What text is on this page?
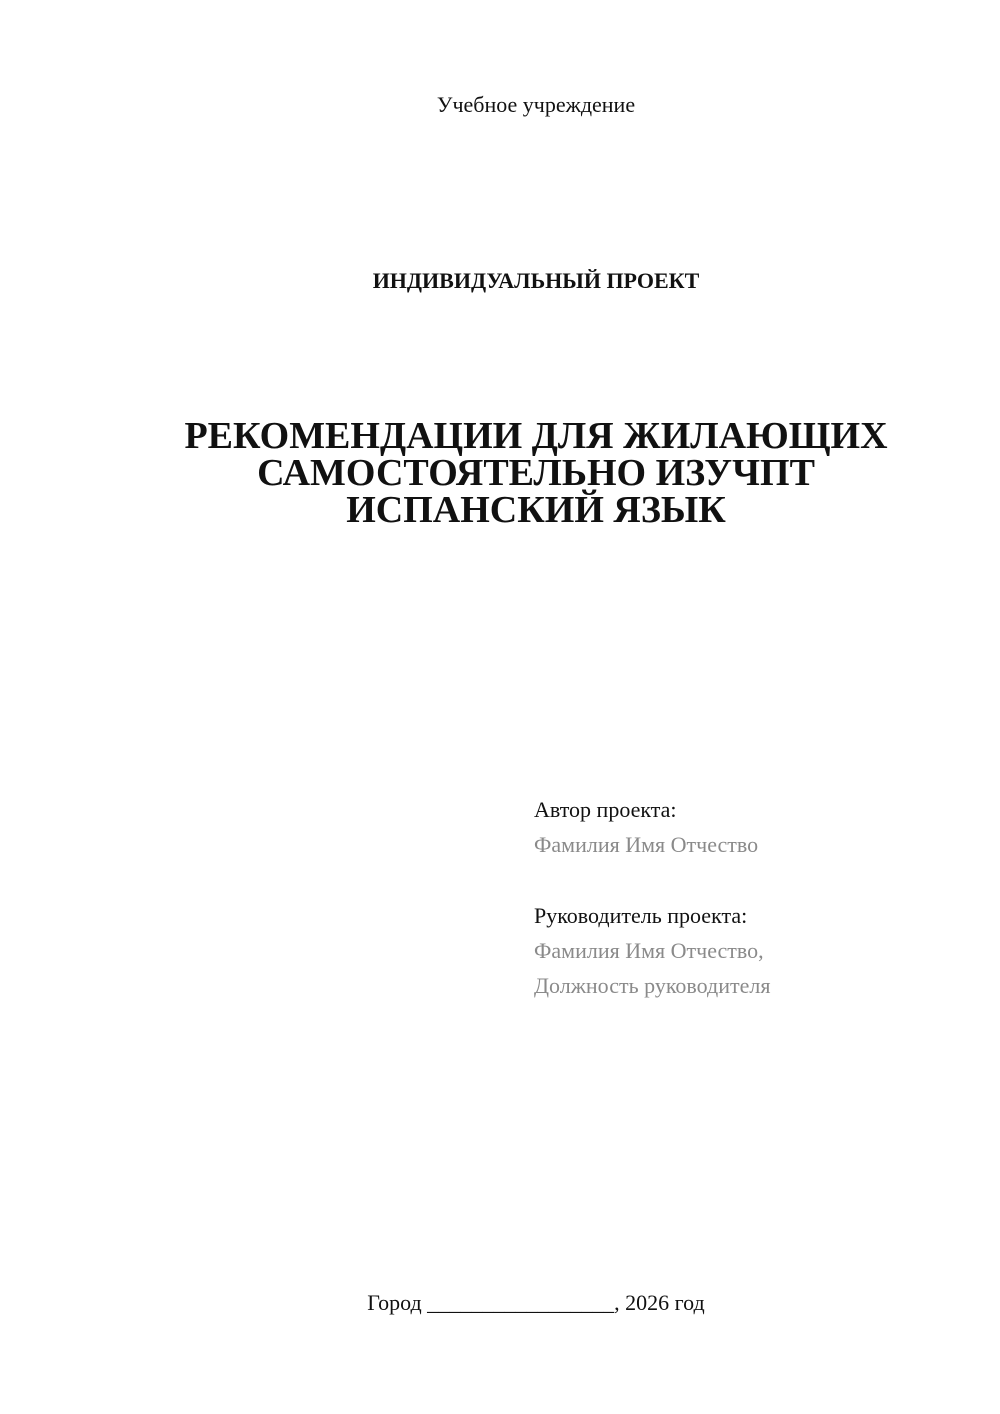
Учебное учреждение
ИНДИВИДУАЛЬНЫЙ ПРОЕКТ
РЕКОМЕНДАЦИИ ДЛЯ ЖИЛАЮЩИХ
САМОСТОЯТЕЛЬНО ИЗУЧПТ
ИСПАНСКИЙ ЯЗЫК
Автор проекта:
Фамилия Имя Отчество
Руководитель проекта:
Фамилия Имя Отчество,
Должность руководителя
Город _________________, 2026 год
